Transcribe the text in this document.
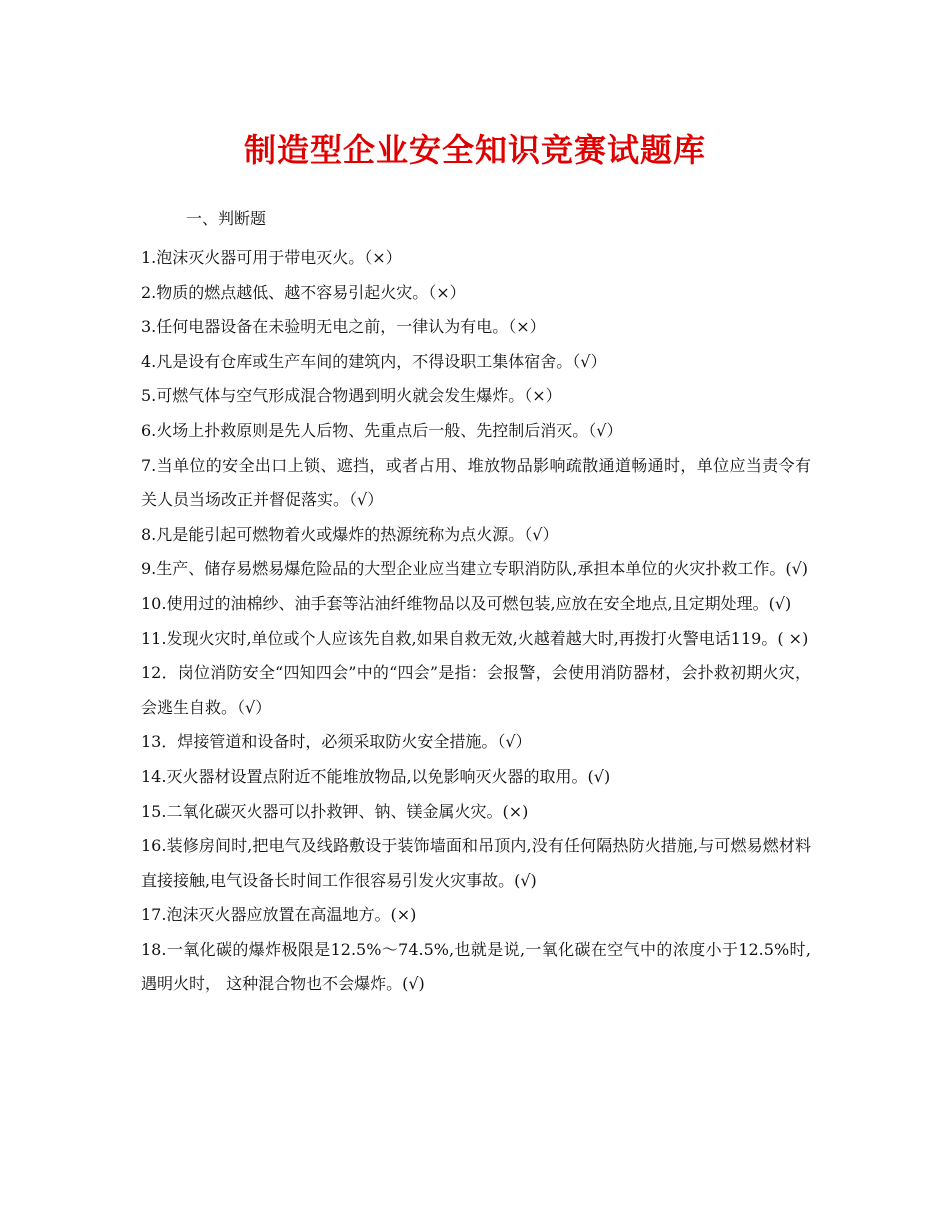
制造型企业安全知识竞赛试题库

一、判断题

1.泡沫灭火器可用于带电灭火。（×）
2.物质的燃点越低、越不容易引起火灾。（×）
3.任何电器设备在未验明无电之前，一律认为有电。（×）
4.凡是设有仓库或生产车间的建筑内，不得设职工集体宿舍。（√）
5.可燃气体与空气形成混合物遇到明火就会发生爆炸。（×）
6.火场上扑救原则是先人后物、先重点后一般、先控制后消灭。（√）
7.当单位的安全出口上锁、遮挡，或者占用、堆放物品影响疏散通道畅通时，单位应当责令有关人员当场改正并督促落实。（√）
8.凡是能引起可燃物着火或爆炸的热源统称为点火源。（√）
9.生产、储存易燃易爆危险品的大型企业应当建立专职消防队,承担本单位的火灾扑救工作。(√)
10.使用过的油棉纱、油手套等沾油纤维物品以及可燃包装,应放在安全地点,且定期处理。(√)
11.发现火灾时,单位或个人应该先自救,如果自救无效,火越着越大时,再拨打火警电话119。( ×)
12．岗位消防安全“四知四会”中的“四会”是指：会报警，会使用消防器材，会扑救初期火灾，会逃生自救。（√）
13．焊接管道和设备时，必须采取防火安全措施。（√）
14.灭火器材设置点附近不能堆放物品,以免影响灭火器的取用。(√)
15.二氧化碳灭火器可以扑救钾、钠、镁金属火灾。(×)
16.装修房间时,把电气及线路敷设于装饰墙面和吊顶内,没有任何隔热防火措施,与可燃易燃材料直接接触,电气设备长时间工作很容易引发火灾事故。(√)
17.泡沫灭火器应放置在高温地方。(×)
18.一氧化碳的爆炸极限是12.5%～74.5%,也就是说,一氧化碳在空气中的浓度小于12.5%时,遇明火时， 这种混合物也不会爆炸。(√)
